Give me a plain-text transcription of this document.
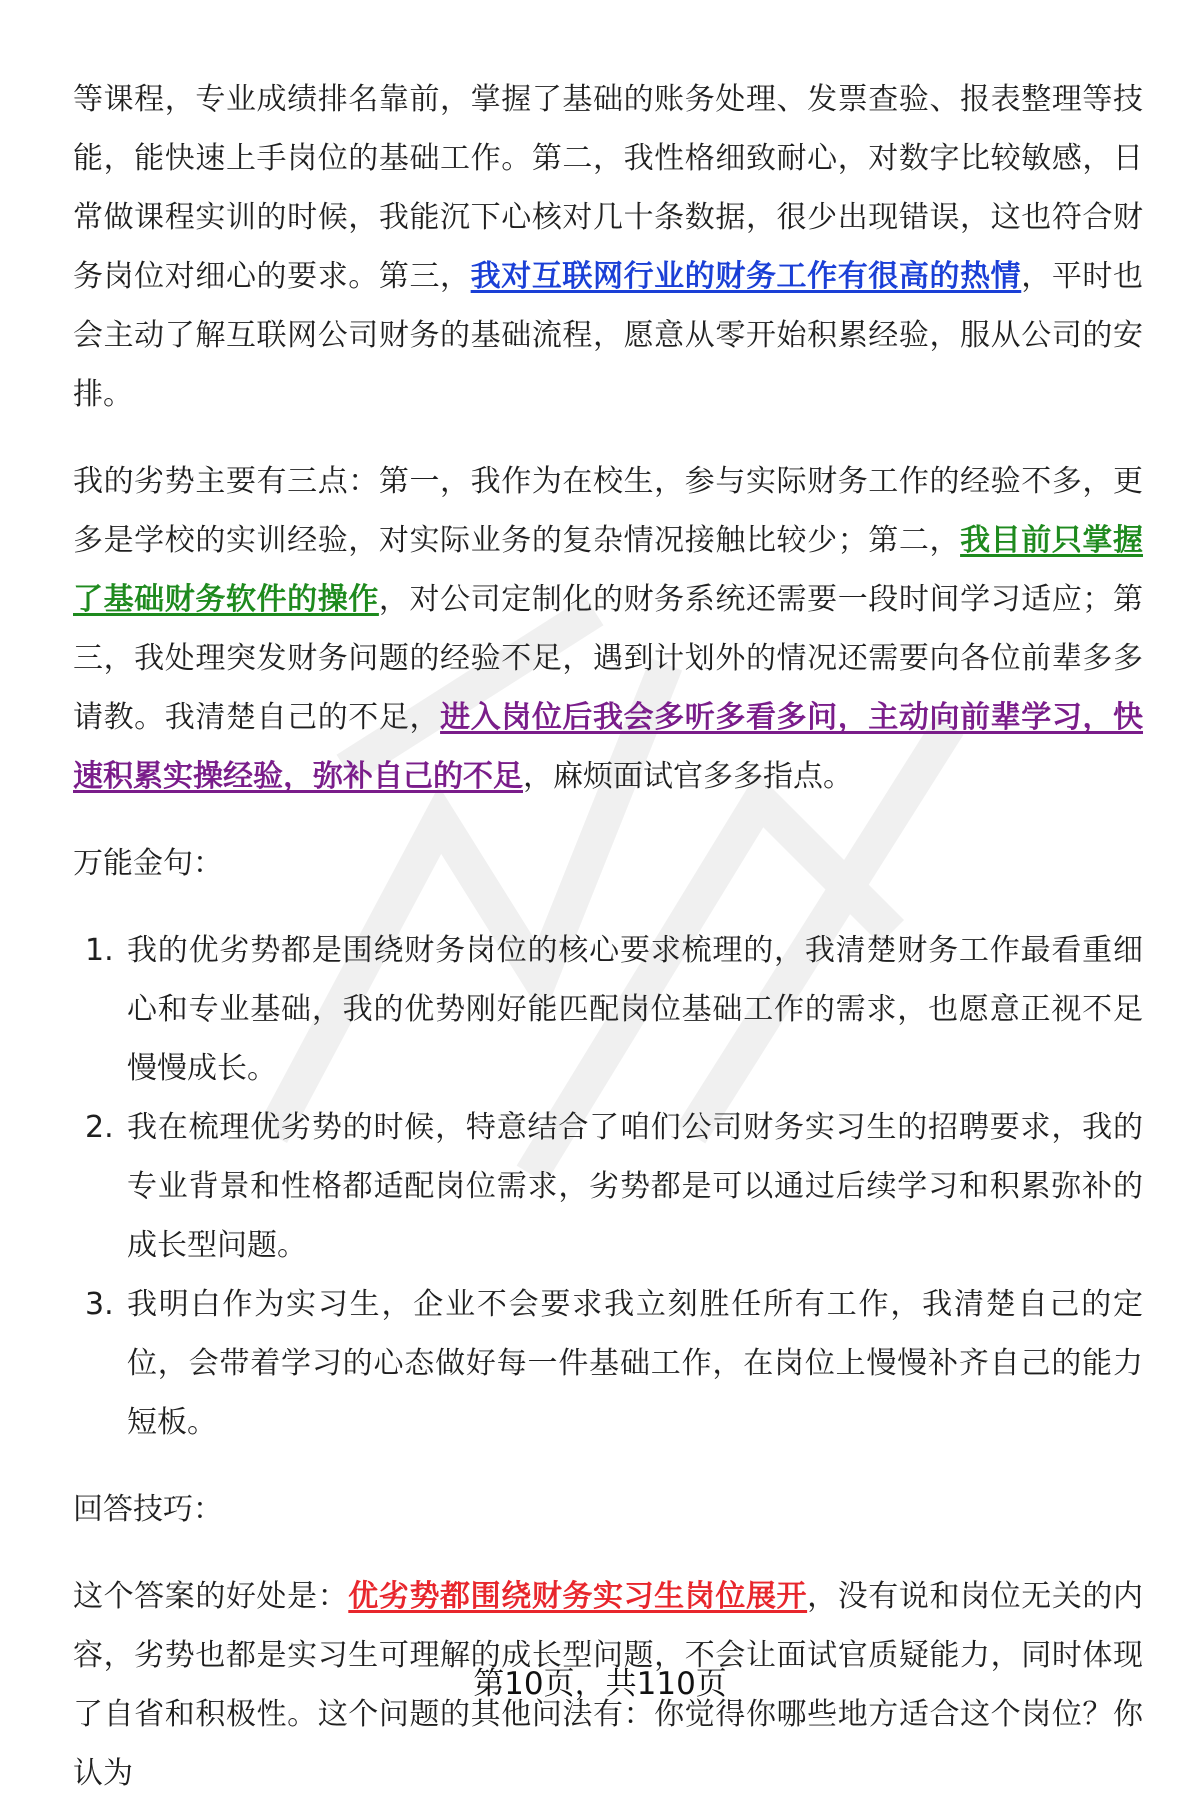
等课程，专业成绩排名靠前，掌握了基础的账务处理、发票查验、报表整理等技能，能快速上手岗位的基础工作。第二，我性格细致耐心，对数字比较敏感，日常做课程实训的时候，我能沉下心核对几十条数据，很少出现错误，这也符合财务岗位对细心的要求。第三，我对互联网行业的财务工作有很高的热情，平时也会主动了解互联网公司财务的基础流程，愿意从零开始积累经验，服从公司的安排。

我的劣势主要有三点：第一，我作为在校生，参与实际财务工作的经验不多，更多是学校的实训经验，对实际业务的复杂情况接触比较少；第二，我目前只掌握了基础财务软件的操作，对公司定制化的财务系统还需要一段时间学习适应；第三，我处理突发财务问题的经验不足，遇到计划外的情况还需要向各位前辈多多请教。我清楚自己的不足，进入岗位后我会多听多看多问，主动向前辈学习，快速积累实操经验，弥补自己的不足，麻烦面试官多多指点。

万能金句：

1. 我的优劣势都是围绕财务岗位的核心要求梳理的，我清楚财务工作最看重细心和专业基础，我的优势刚好能匹配岗位基础工作的需求，也愿意正视不足慢慢成长。
2. 我在梳理优劣势的时候，特意结合了咱们公司财务实习生的招聘要求，我的专业背景和性格都适配岗位需求，劣势都是可以通过后续学习和积累弥补的成长型问题。
3. 我明白作为实习生，企业不会要求我立刻胜任所有工作，我清楚自己的定位，会带着学习的心态做好每一件基础工作，在岗位上慢慢补齐自己的能力短板。

回答技巧：

这个答案的好处是：优劣势都围绕财务实习生岗位展开，没有说和岗位无关的内容，劣势也都是实习生可理解的成长型问题，不会让面试官质疑能力，同时体现了自省和积极性。这个问题的其他问法有：你觉得你哪些地方适合这个岗位？你认为

第10页，共110页
